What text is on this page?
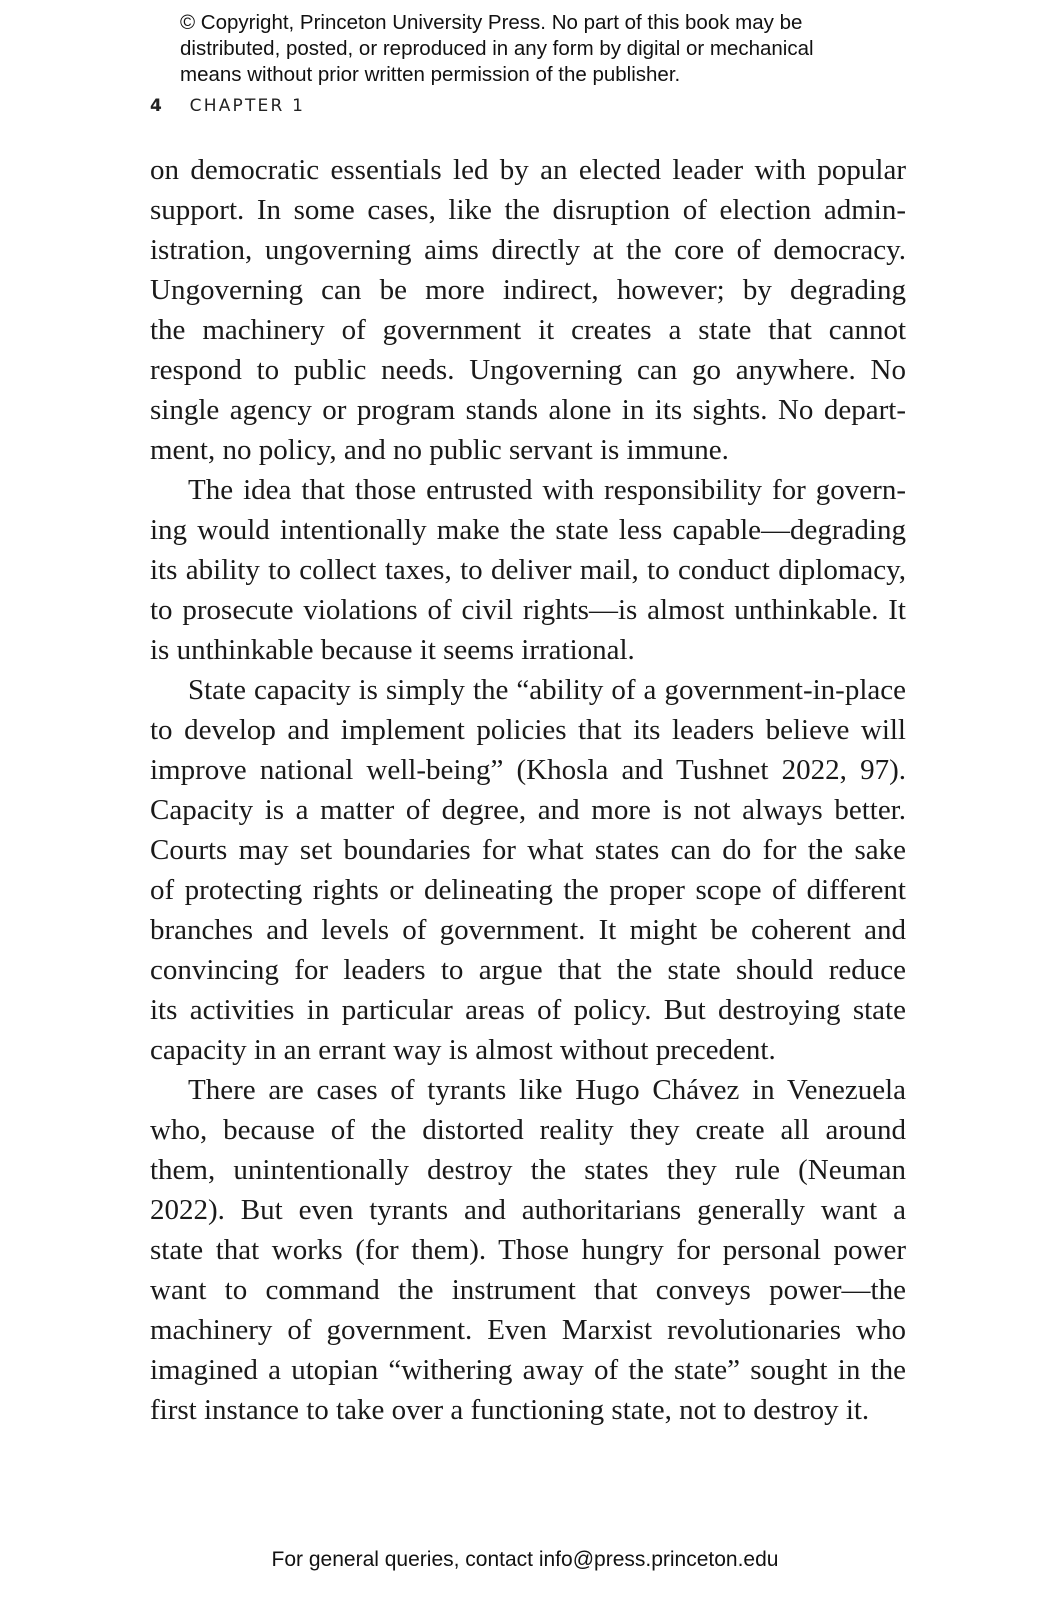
© Copyright, Princeton University Press. No part of this book may be
distributed, posted, or reproduced in any form by digital or mechanical
means without prior written permission of the publisher.
4 CHAPTER 1
on democratic essentials led by an elected leader with popular
support. In some cases, like the disruption of election admin-
istration, ungoverning aims directly at the core of democracy.
Ungoverning can be more indirect, however; by degrading
the machinery of government it creates a state that cannot
respond to public needs. Ungoverning can go anywhere. No
single agency or program stands alone in its sights. No depart-
ment, no policy, and no public servant is immune.
The idea that those entrusted with responsibility for govern-
ing would intentionally make the state less capable—degrading
its ability to collect taxes, to deliver mail, to conduct diplomacy,
to prosecute violations of civil rights—is almost unthinkable. It
is unthinkable because it seems irrational.
State capacity is simply the “ability of a government-in-place
to develop and implement policies that its leaders believe will
improve national well-being” (Khosla and Tushnet 2022, 97).
Capacity is a matter of degree, and more is not always better.
Courts may set boundaries for what states can do for the sake
of protecting rights or delineating the proper scope of different
branches and levels of government. It might be coherent and
convincing for leaders to argue that the state should reduce
its activities in particular areas of policy. But destroying state
capacity in an errant way is almost without precedent.
There are cases of tyrants like Hugo Chávez in Venezuela
who, because of the distorted reality they create all around
them, unintentionally destroy the states they rule (Neuman
2022). But even tyrants and authoritarians generally want a
state that works (for them). Those hungry for personal power
want to command the instrument that conveys power—the
machinery of government. Even Marxist revolutionaries who
imagined a utopian “withering away of the state” sought in the
first instance to take over a functioning state, not to destroy it.
For general queries, contact info@press.princeton.edu
